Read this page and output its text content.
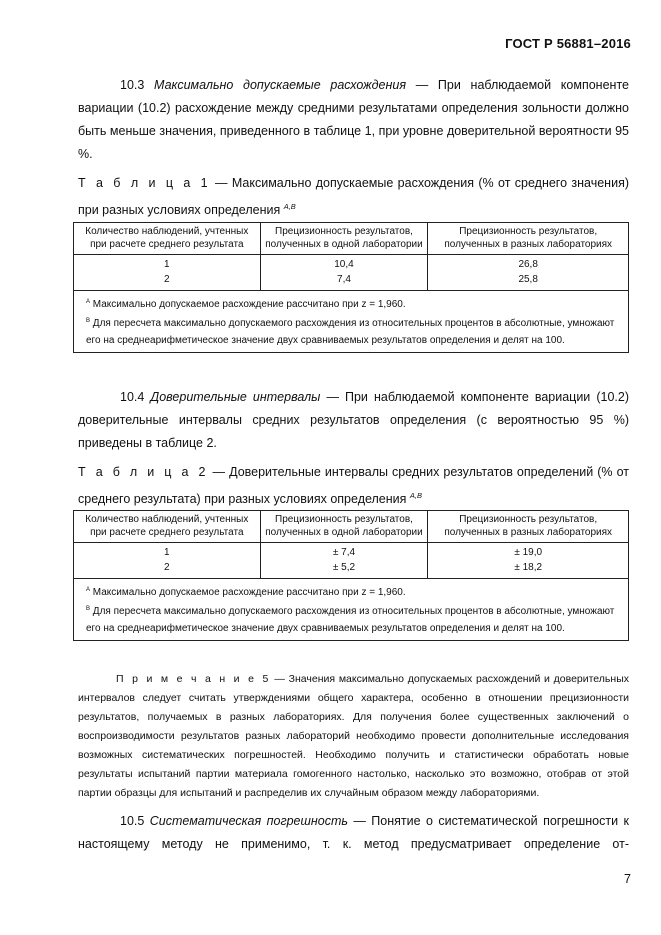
ГОСТ Р 56881–2016
10.3 Максимально допускаемые расхождения — При наблюдаемой компоненте вариации (10.2) расхождение между средними результатами определения зольности должно быть меньше значения, приведенного в таблице 1, при уровне доверительной вероятности 95 %.
Т а б л и ц а 1 — Максимально допускаемые расхождения (% от среднего значения) при разных условиях определения $^{A,B}$
Количество наблюдений, учтенных при расчете среднего результата	Прецизионность результатов, полученных в одной лаборатории	Прецизионность результатов, полученных в разных лабораториях
1	10,4	26,8
2	7,4	25,8

$^A$ Максимально допускаемое расхождение рассчитано при z = 1,960.
$^B$ Для пересчета максимально допускаемого расхождения из относительных процентов в абсолютные, умножают его на среднеарифметическое значение двух сравниваемых результатов определения и делят на 100.		
10.4 Доверительные интервалы — При наблюдаемой компоненте вариации (10.2) доверительные интервалы средних результатов определения (с вероятностью 95 %) приведены в таблице 2.
Т а б л и ц а 2 — Доверительные интервалы средних результатов определений (% от среднего результата) при разных условиях определения $^{A,B}$
Количество наблюдений, учтенных при расчете среднего результата	Прецизионность результатов, полученных в одной лаборатории	Прецизионность результатов, полученных в разных лабораториях
1	± 7,4	± 19,0
2	± 5,2	± 18,2

$^A$ Максимально допускаемое расхождение рассчитано при z = 1,960.
$^B$ Для пересчета максимально допускаемого расхождения из относительных процентов в абсолютные, умножают его на среднеарифметическое значение двух сравниваемых результатов определения и делят на 100.		
П р и м е ч а н и е 5 — Значения максимально допускаемых расхождений и доверительных интервалов следует считать утверждениями общего характера, особенно в отношении прецизионности результатов, получаемых в разных лабораториях. Для получения более существенных заключений о воспроизводимости результатов разных лабораторий необходимо провести дополнительные исследования возможных систематических погрешностей. Необходимо получить и статистически обработать новые результаты испытаний партии материала гомогенного настолько, насколько это возможно, отобрав от этой партии образцы для испытаний и распределив их случайным образом между лабораториями.
10.5 Систематическая погрешность — Понятие о систематической погрешности к настоящему методу не применимо, т. к. метод предусматривает определение от-
7
